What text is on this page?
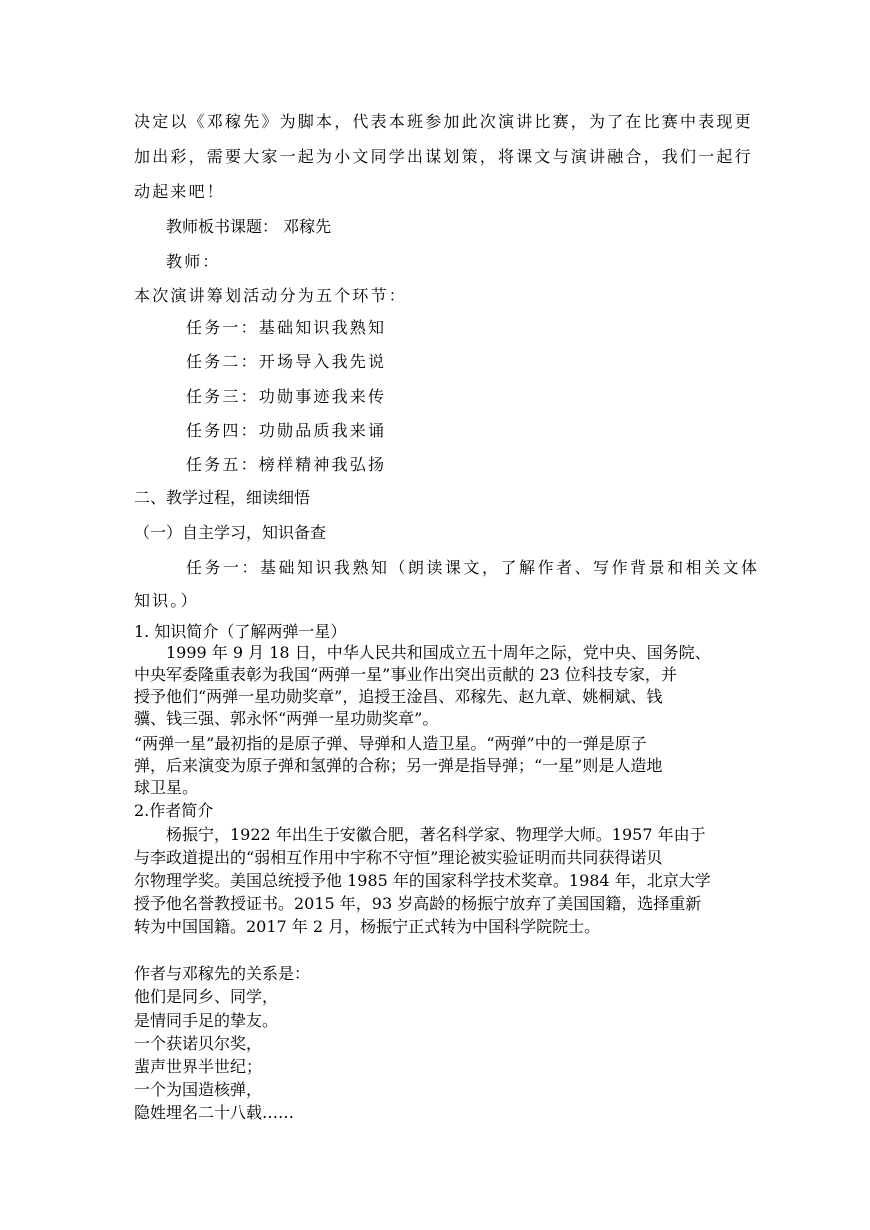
决定以《邓稼先》为脚本，代表本班参加此次演讲比赛，为了在比赛中表现更
加出彩，需要大家一起为小文同学出谋划策，将课文与演讲融合，我们一起行
动起来吧！
教师板书课题： 邓稼先
教师：
本次演讲筹划活动分为五个环节：
任务一：基础知识我熟知
任务二：开场导入我先说
任务三：功勋事迹我来传
任务四：功勋品质我来诵
任务五：榜样精神我弘扬
二、教学过程，细读细悟
（一）自主学习，知识备查
任务一：基础知识我熟知（朗读课文，了解作者、写作背景和相关文体
知识。）
1. 知识简介（了解两弹一星）
1999 年 9 月 18 日，中华人民共和国成立五十周年之际，党中央、国务院、
中央军委隆重表彰为我国“两弹一星”事业作出突出贡献的 23 位科技专家，并
授予他们“两弹一星功勋奖章”，追授王淦昌、邓稼先、赵九章、姚桐斌、钱
骥、钱三强、郭永怀“两弹一星功勋奖章”。
“两弹一星”最初指的是原子弹、导弹和人造卫星。“两弹”中的一弹是原子
弹，后来演变为原子弹和氢弹的合称；另一弹是指导弹；“一星”则是人造地
球卫星。
2.作者简介
杨振宁，1922 年出生于安徽合肥，著名科学家、物理学大师。1957 年由于
与李政道提出的“弱相互作用中宇称不守恒”理论被实验证明而共同获得诺贝
尔物理学奖。美国总统授予他 1985 年的国家科学技术奖章。1984 年，北京大学
授予他名誉教授证书。2015 年，93 岁高龄的杨振宁放弃了美国国籍，选择重新
转为中国国籍。2017 年 2 月，杨振宁正式转为中国科学院院士。
作者与邓稼先的关系是：
他们是同乡、同学，
是情同手足的挚友。
一个获诺贝尔奖，
蜚声世界半世纪；
一个为国造核弹，
隐姓埋名二十八载……
